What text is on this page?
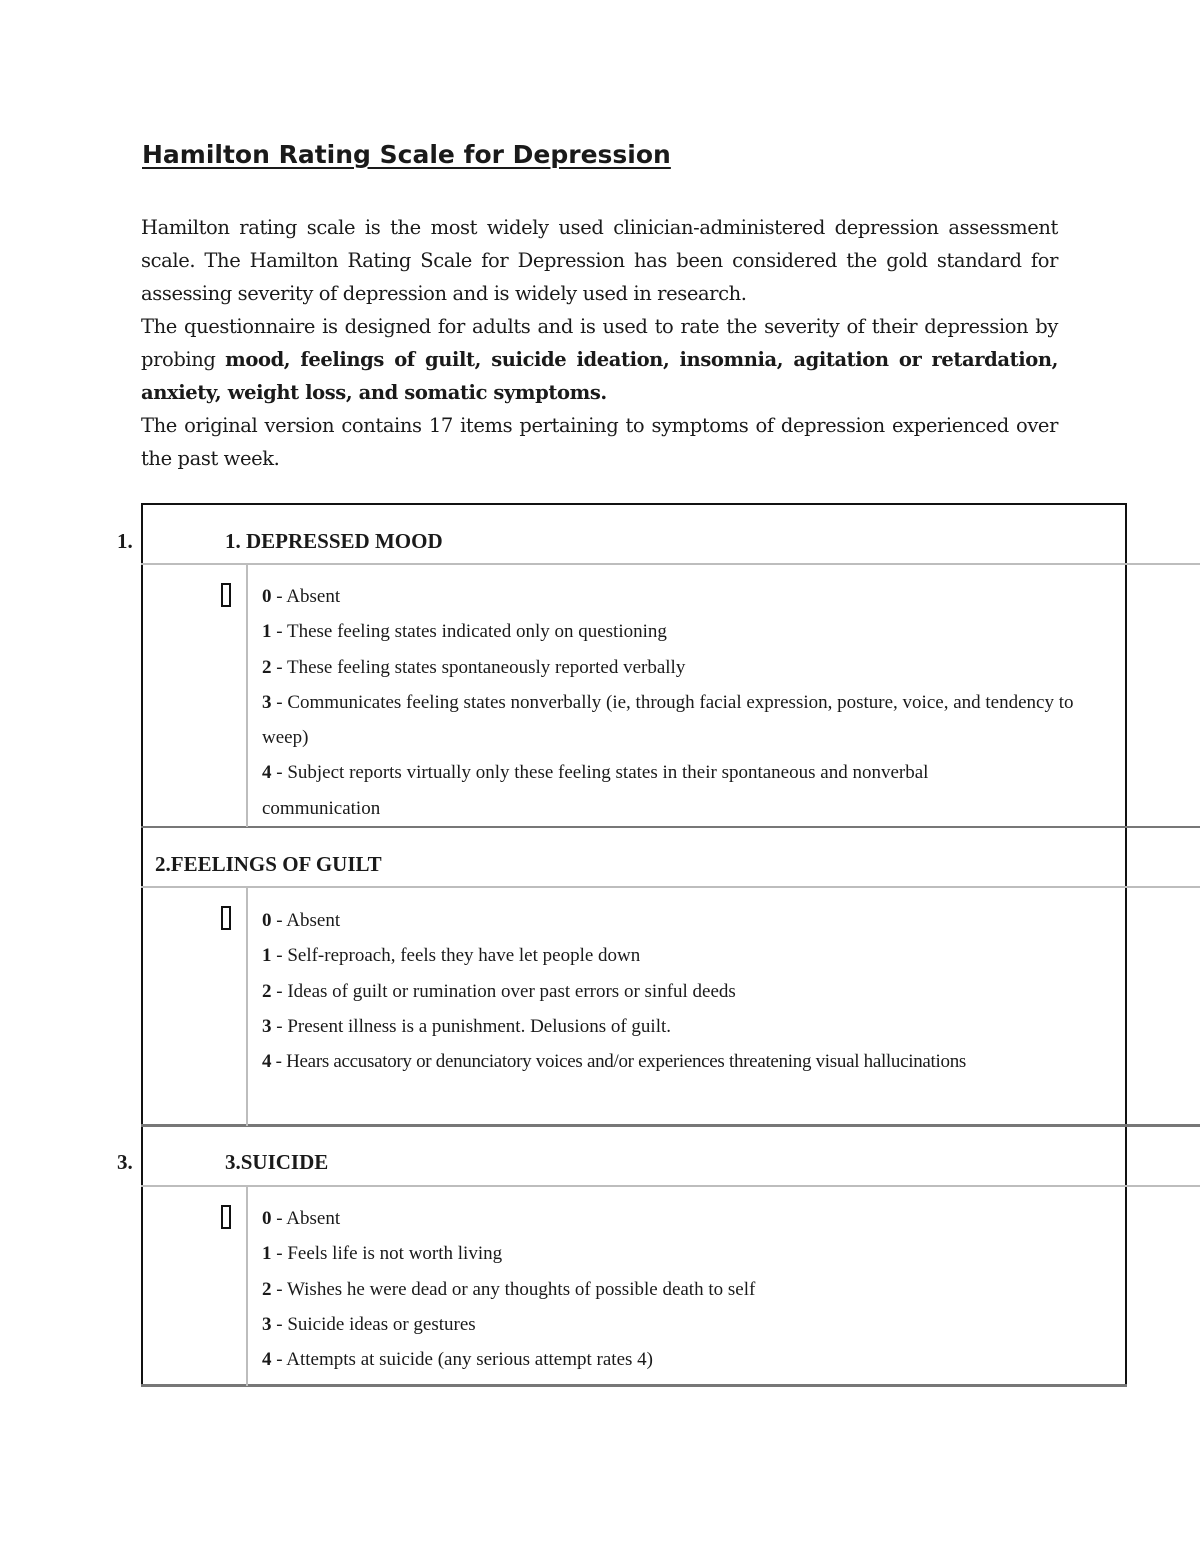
Hamilton Rating Scale for Depression

Hamilton rating scale is the most widely used clinician-administered depression assessment scale. The Hamilton Rating Scale for Depression has been considered the gold standard for assessing severity of depression and is widely used in research.

The questionnaire is designed for adults and is used to rate the severity of their depression by probing mood, feelings of guilt, suicide ideation, insomnia, agitation or retardation, anxiety, weight loss, and somatic symptoms.

The original version contains 17 items pertaining to symptoms of depression experienced over the past week.

1.	1. DEPRESSED MOOD
0 - Absent
1 - These feeling states indicated only on questioning
2 - These feeling states spontaneously reported verbally
3 - Communicates feeling states nonverbally (ie, through facial expression, posture, voice, and tendency to weep)
4 - Subject reports virtually only these feeling states in their spontaneous and nonverbal communication
2.FEELINGS OF GUILT
0 - Absent
1 - Self-reproach, feels they have let people down
2 - Ideas of guilt or rumination over past errors or sinful deeds
3 - Present illness is a punishment. Delusions of guilt.
4 - Hears accusatory or denunciatory voices and/or experiences threatening visual hallucinations
3.	3.SUICIDE
0 - Absent
1 - Feels life is not worth living
2 - Wishes he were dead or any thoughts of possible death to self
3 - Suicide ideas or gestures
4 - Attempts at suicide (any serious attempt rates 4)
